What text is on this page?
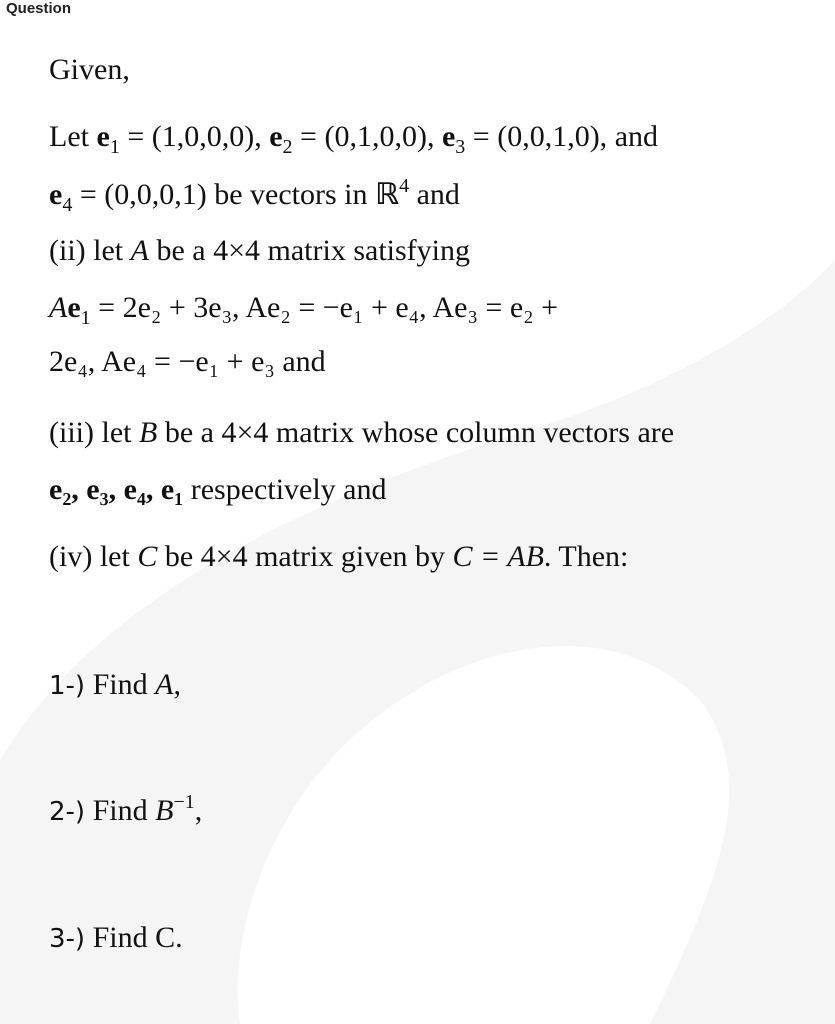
Question
Given,
Let $e_1 = (1,0,0,0)$, $e_2 = (0,1,0,0)$, $e_3 = (0,0,1,0)$, and
$e_4 = (0,0,0,1)$ be vectors in ℝ$^4$ and
(ii) let A be a 4×4 matrix satisfying
$Ae_1 = 2e_2 + 3e_3$, Ae₂ = −e₁ + e₄, Ae₃ = e₂ +
2e₄, Ae₄ = −e₁ + e₃ and
(iii) let B be a 4×4 matrix whose column vectors are
e₂, e₃, e₄, e₁ respectively and
(iv) let C be 4×4 matrix given by C = AB. Then:
1-) Find A,
2-) Find $B^{-1}$,
3-) Find C.
